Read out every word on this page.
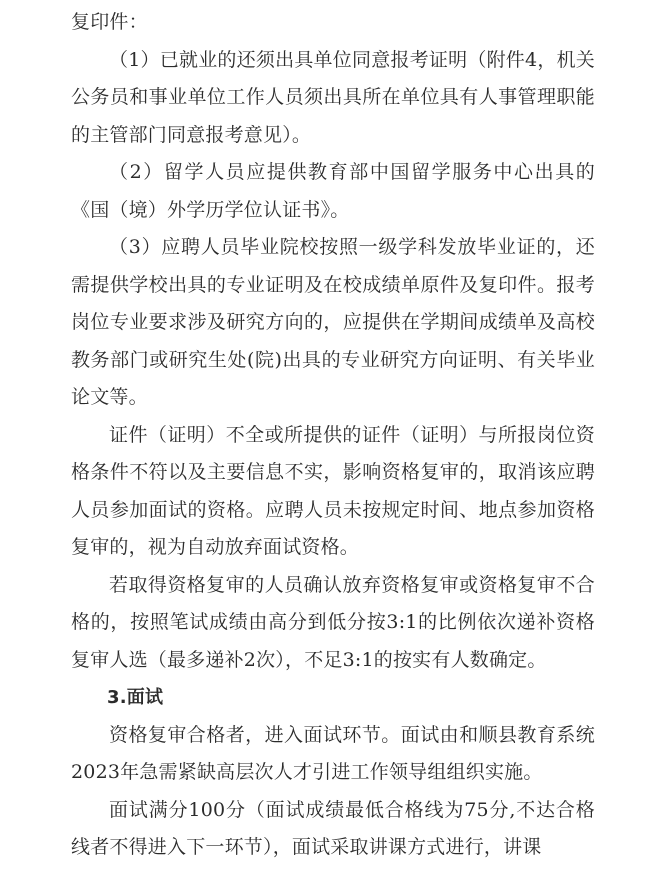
复印件：

（1）已就业的还须出具单位同意报考证明（附件4，机关公务员和事业单位工作人员须出具所在单位具有人事管理职能的主管部门同意报考意见）。

（2）留学人员应提供教育部中国留学服务中心出具的《国（境）外学历学位认证书》。

（3）应聘人员毕业院校按照一级学科发放毕业证的，还需提供学校出具的专业证明及在校成绩单原件及复印件。报考岗位专业要求涉及研究方向的，应提供在学期间成绩单及高校教务部门或研究生处(院)出具的专业研究方向证明、有关毕业论文等。

证件（证明）不全或所提供的证件（证明）与所报岗位资格条件不符以及主要信息不实，影响资格复审的，取消该应聘人员参加面试的资格。应聘人员未按规定时间、地点参加资格复审的，视为自动放弃面试资格。

若取得资格复审的人员确认放弃资格复审或资格复审不合格的，按照笔试成绩由高分到低分按3:1的比例依次递补资格复审人选（最多递补2次），不足3:1的按实有人数确定。

3.面试

资格复审合格者，进入面试环节。面试由和顺县教育系统2023年急需紧缺高层次人才引进工作领导组组织实施。

面试满分100分（面试成绩最低合格线为75分,不达合格线者不得进入下一环节），面试采取讲课方式进行，讲课
